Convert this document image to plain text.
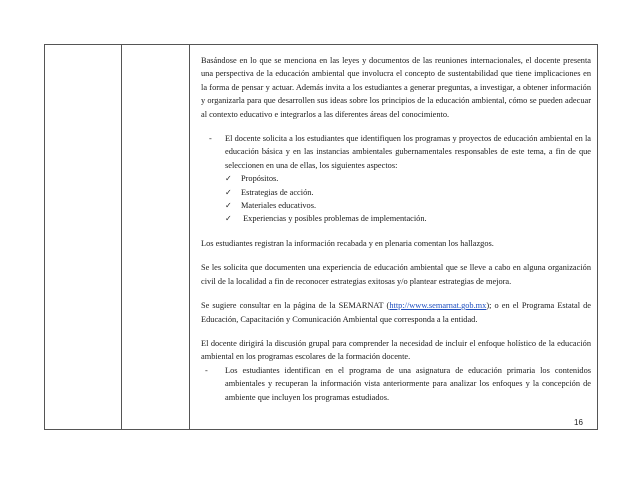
Basándose en lo que se menciona en las leyes y documentos de las reuniones internacionales, el docente presenta una perspectiva de la educación ambiental que involucra el concepto de sustentabilidad que tiene implicaciones en la forma de pensar y actuar. Además invita a los estudiantes a generar preguntas, a investigar, a obtener información y organizarla para que desarrollen sus ideas sobre los principios de la educación ambiental, cómo se pueden adecuar al contexto educativo e integrarlos a las diferentes áreas del conocimiento.

- El docente solicita a los estudiantes que identifiquen los programas y proyectos de educación ambiental en la educación básica y en las instancias ambientales gubernamentales responsables de este tema, a fin de que seleccionen en una de ellas, los siguientes aspectos:
✓ Propósitos.
✓ Estrategias de acción.
✓ Materiales educativos.
✓ Experiencias y posibles problemas de implementación.

Los estudiantes registran la información recabada y en plenaria comentan los hallazgos.

Se les solicita que documenten una experiencia de educación ambiental que se lleve a cabo en alguna organización civil de la localidad a fin de reconocer estrategias exitosas y/o plantear estrategias de mejora.

Se sugiere consultar en la página de la SEMARNAT (http://www.semarnat.gob.mx); o en el Programa Estatal de Educación, Capacitación y Comunicación Ambiental que corresponda a la entidad.

El docente dirigirá la discusión grupal para comprender la necesidad de incluir el enfoque holístico de la educación ambiental en los programas escolares de la formación docente.

- Los estudiantes identifican en el programa de una asignatura de educación primaria los contenidos ambientales y recuperan la información vista anteriormente para analizar los enfoques y la concepción de ambiente que incluyen los programas estudiados.
16
